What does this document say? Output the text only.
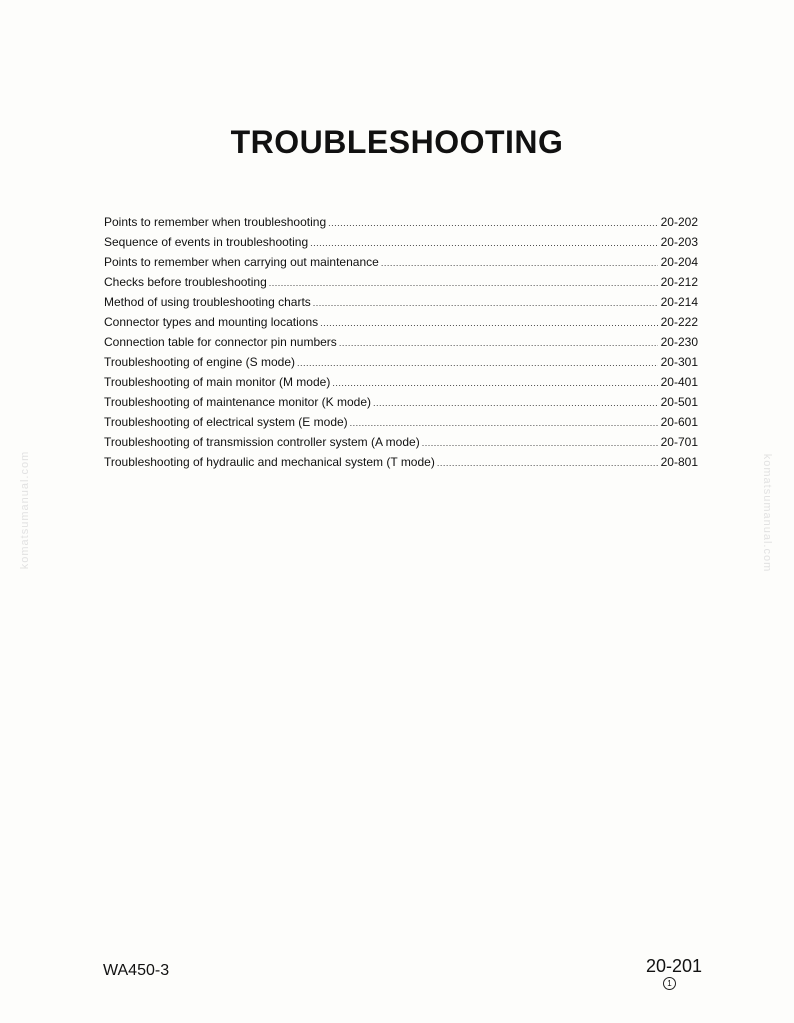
TROUBLESHOOTING
Points to remember when troubleshooting .....	20-202
Sequence of events in troubleshooting .....	20-203
Points to remember when carrying out maintenance .....	20-204
Checks before troubleshooting .....	20-212
Method of using troubleshooting charts .....	20-214
Connector types and mounting locations .....	20-222
Connection table for connector pin numbers .....	20-230
Troubleshooting of engine (S mode) .....	20-301
Troubleshooting of main monitor (M mode) .....	20-401
Troubleshooting of maintenance monitor (K mode) .....	20-501
Troubleshooting of electrical system (E mode) .....	20-601
Troubleshooting of transmission controller system (A mode) .....	20-701
Troubleshooting of hydraulic and mechanical system (T mode) .....	20-801
komatsumanual.com	komatsumanual.com
WA450-3	20-201
1
